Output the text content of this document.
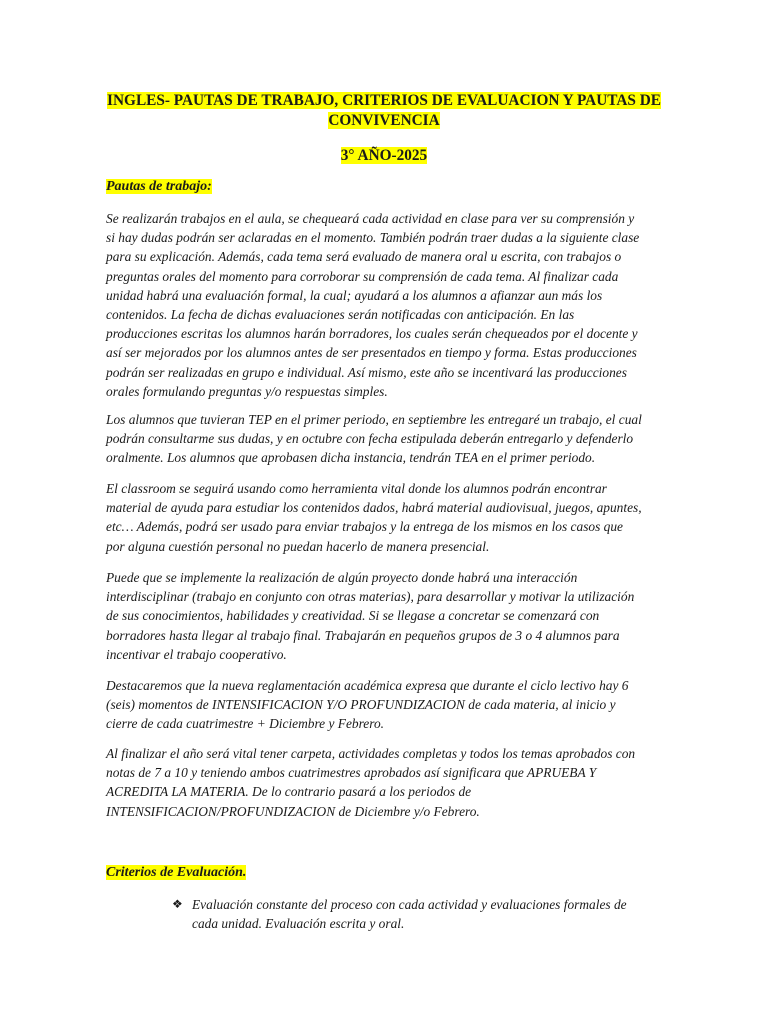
INGLES- PAUTAS DE TRABAJO, CRITERIOS DE EVALUACION Y PAUTAS DE
CONVIVENCIA
3° AÑO-2025
Pautas de trabajo:
Se realizarán trabajos en el aula, se chequeará cada actividad en clase para ver su comprensión y
si hay dudas podrán ser aclaradas en el momento. También podrán traer dudas a la siguiente clase
para su explicación. Además, cada tema será evaluado de manera oral u escrita, con trabajos o
preguntas orales del momento para corroborar su comprensión de cada tema. Al finalizar cada
unidad habrá una evaluación formal, la cual; ayudará a los alumnos a afianzar aun más los
contenidos. La fecha de dichas evaluaciones serán notificadas con anticipación. En las
producciones escritas los alumnos harán borradores, los cuales serán chequeados por el docente y
así ser mejorados por los alumnos antes de ser presentados en tiempo y forma. Estas producciones
podrán ser realizadas en grupo e individual. Así mismo, este año se incentivará las producciones
orales formulando preguntas y/o respuestas simples.
Los alumnos que tuvieran TEP en el primer periodo, en septiembre les entregaré un trabajo, el cual
podrán consultarme sus dudas, y en octubre con fecha estipulada deberán entregarlo y defenderlo
oralmente. Los alumnos que aprobasen dicha instancia, tendrán TEA en el primer periodo.
El classroom se seguirá usando como herramienta vital donde los alumnos podrán encontrar
material de ayuda para estudiar los contenidos dados, habrá material audiovisual, juegos, apuntes,
etc… Además, podrá ser usado para enviar trabajos y la entrega de los mismos en los casos que
por alguna cuestión personal no puedan hacerlo de manera presencial.
Puede que se implemente la realización de algún proyecto donde habrá una interacción
interdisciplinar (trabajo en conjunto con otras materias), para desarrollar y motivar la utilización
de sus conocimientos, habilidades y creatividad. Si se llegase a concretar se comenzará con
borradores hasta llegar al trabajo final. Trabajarán en pequeños grupos de 3 o 4 alumnos para
incentivar el trabajo cooperativo.
Destacaremos que la nueva reglamentación académica expresa que durante el ciclo lectivo hay 6
(seis) momentos de INTENSIFICACION Y/O PROFUNDIZACION de cada materia, al inicio y
cierre de cada cuatrimestre + Diciembre y Febrero.
Al finalizar el año será vital tener carpeta, actividades completas y todos los temas aprobados con
notas de 7 a 10 y teniendo ambos cuatrimestres aprobados así significara que APRUEBA Y
ACREDITA LA MATERIA. De lo contrario pasará a los periodos de
INTENSIFICACION/PROFUNDIZACION de Diciembre y/o Febrero.
Criterios de Evaluación.
❖ Evaluación constante del proceso con cada actividad y evaluaciones formales de
cada unidad. Evaluación escrita y oral.
